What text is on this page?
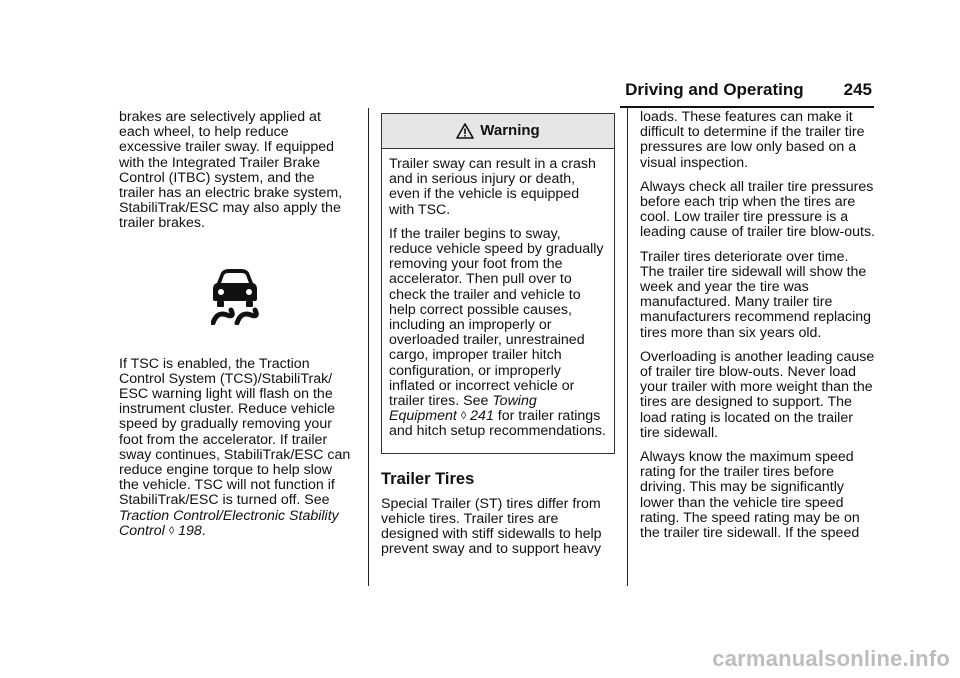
Driving and Operating 245

brakes are selectively applied at each wheel, to help reduce excessive trailer sway. If equipped with the Integrated Trailer Brake Control (ITBC) system, and the trailer has an electric brake system, StabiliTrak/ESC may also apply the trailer brakes.

If TSC is enabled, the Traction Control System (TCS)/StabiliTrak/ ESC warning light will flash on the instrument cluster. Reduce vehicle speed by gradually removing your foot from the accelerator. If trailer sway continues, StabiliTrak/ESC can reduce engine torque to help slow the vehicle. TSC will not function if StabiliTrak/ESC is turned off. See Traction Control/Electronic Stability Control ◊ 198.

Warning

Trailer sway can result in a crash and in serious injury or death, even if the vehicle is equipped with TSC.

If the trailer begins to sway, reduce vehicle speed by gradually removing your foot from the accelerator. Then pull over to check the trailer and vehicle to help correct possible causes, including an improperly or overloaded trailer, unrestrained cargo, improper trailer hitch configuration, or improperly inflated or incorrect vehicle or trailer tires. See Towing Equipment ◊ 241 for trailer ratings and hitch setup recommendations.

Trailer Tires

Special Trailer (ST) tires differ from vehicle tires. Trailer tires are designed with stiff sidewalls to help prevent sway and to support heavy

loads. These features can make it difficult to determine if the trailer tire pressures are low only based on a visual inspection.

Always check all trailer tire pressures before each trip when the tires are cool. Low trailer tire pressure is a leading cause of trailer tire blow-outs.

Trailer tires deteriorate over time. The trailer tire sidewall will show the week and year the tire was manufactured. Many trailer tire manufacturers recommend replacing tires more than six years old.

Overloading is another leading cause of trailer tire blow-outs. Never load your trailer with more weight than the tires are designed to support. The load rating is located on the trailer tire sidewall.

Always know the maximum speed rating for the trailer tires before driving. This may be significantly lower than the vehicle tire speed rating. The speed rating may be on the trailer tire sidewall. If the speed

carmanualsonline.info
